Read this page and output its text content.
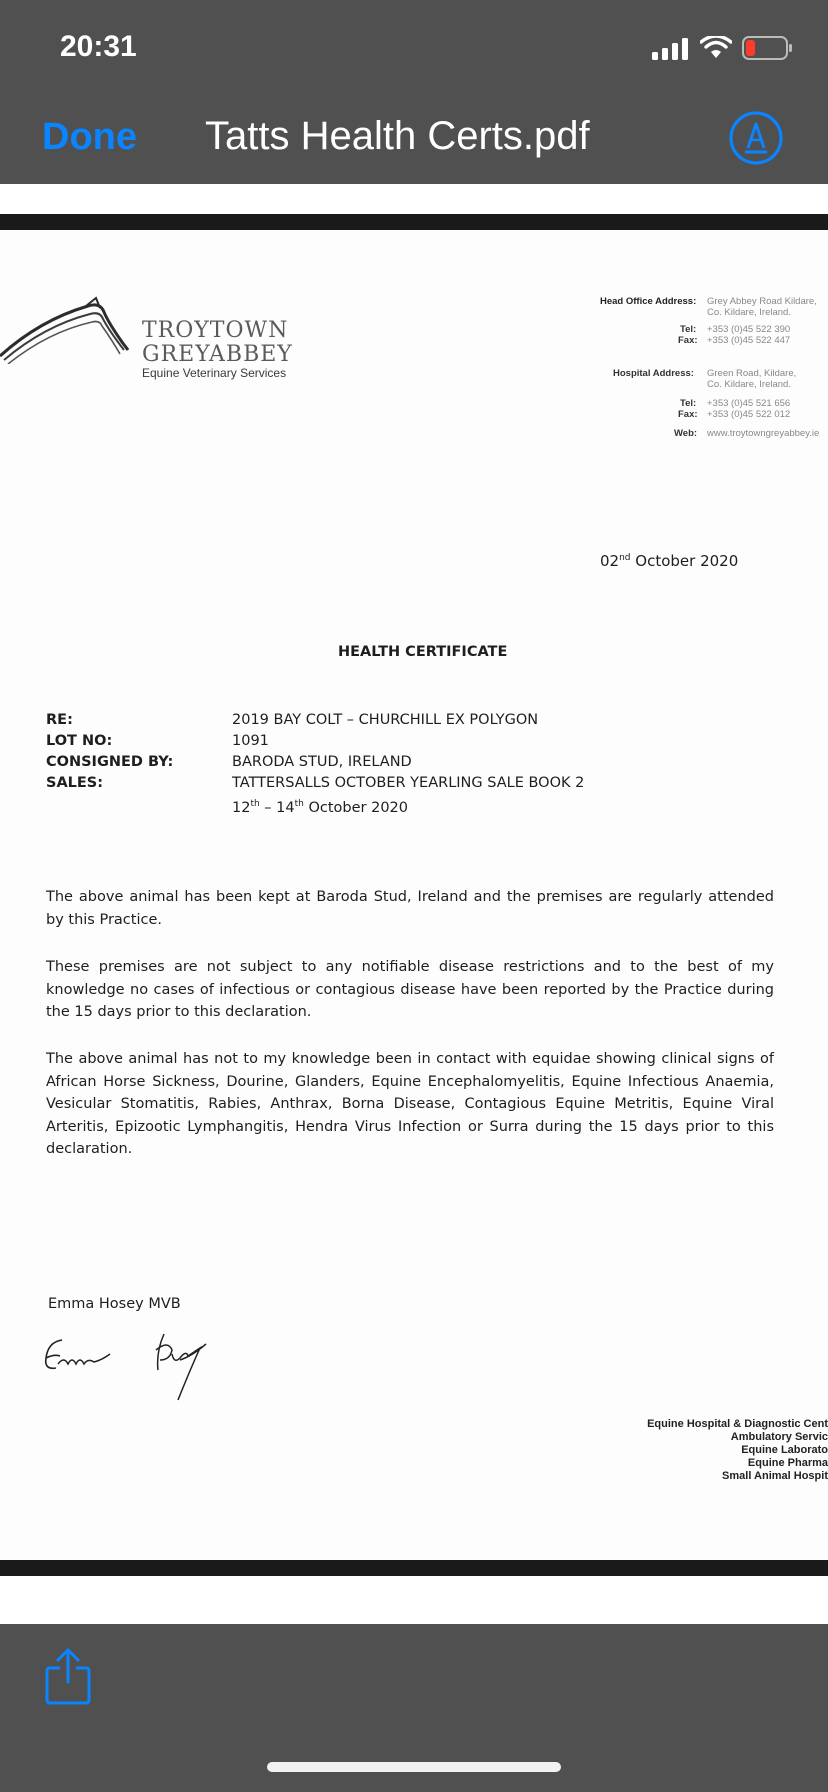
20:31
Done Tatts Health Certs.pdf
TROYTOWN
GREYABBEY
Equine Veterinary Services
Head Office Address: Grey Abbey Road Kildare,
Co. Kildare, Ireland.
Tel: +353 (0)45 522 390
Fax: +353 (0)45 522 447
Hospital Address: Green Road, Kildare,
Co. Kildare, Ireland.
Tel: +353 (0)45 521 656
Fax: +353 (0)45 522 012
Web: www.troytowngreyabbey.ie
02nd October 2020
HEALTH CERTIFICATE
RE:	2019 BAY COLT – CHURCHILL EX POLYGON
LOT NO:	1091
CONSIGNED BY:	BARODA STUD, IRELAND
SALES:	TATTERSALLS OCTOBER YEARLING SALE BOOK 2
12th – 14th October 2020
The above animal has been kept at Baroda Stud, Ireland and the premises are regularly attended by this Practice.
These premises are not subject to any notifiable disease restrictions and to the best of my knowledge no cases of infectious or contagious disease have been reported by the Practice during the 15 days prior to this declaration.
The above animal has not to my knowledge been in contact with equidae showing clinical signs of African Horse Sickness, Dourine, Glanders, Equine Encephalomyelitis, Equine Infectious Anaemia, Vesicular Stomatitis, Rabies, Anthrax, Borna Disease, Contagious Equine Metritis, Equine Viral Arteritis, Epizootic Lymphangitis, Hendra Virus Infection or Surra during the 15 days prior to this declaration.
Emma Hosey MVB
Equine Hospital & Diagnostic Cent
Ambulatory Servic
Equine Laborato
Equine Pharma
Small Animal Hospit
